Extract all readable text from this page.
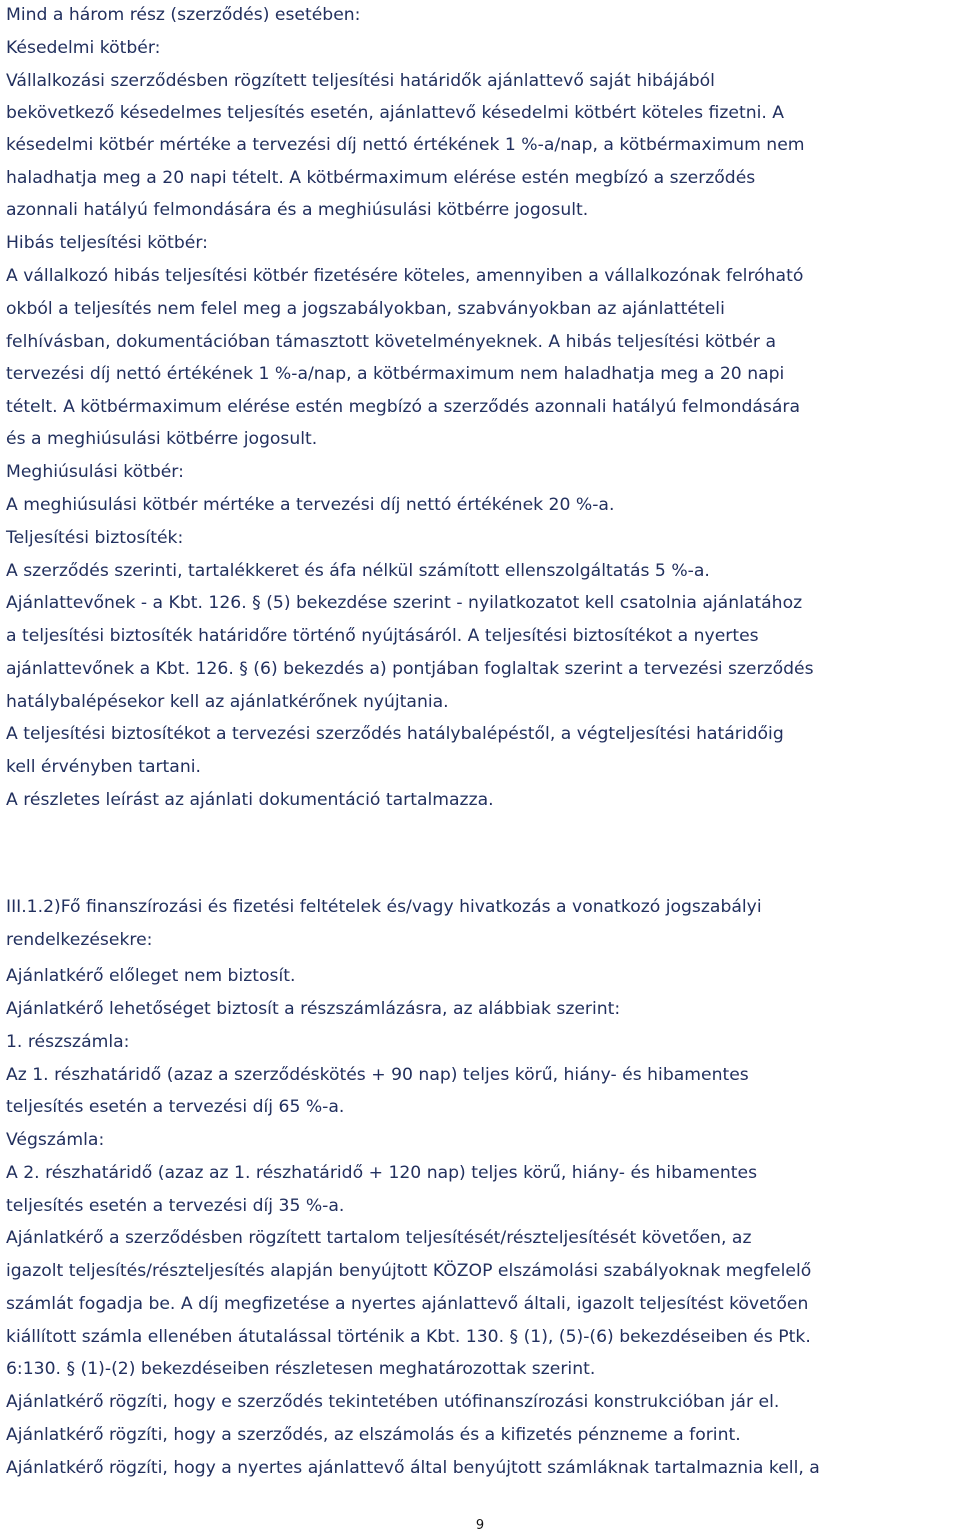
Mind a három rész (szerződés) esetében:
Késedelmi kötbér:
Vállalkozási szerződésben rögzített teljesítési határidők ajánlattevő saját hibájából
bekövetkező késedelmes teljesítés esetén, ajánlattevő késedelmi kötbért köteles fizetni. A
késedelmi kötbér mértéke a tervezési díj nettó értékének 1 %-a/nap, a kötbérmaximum nem
haladhatja meg a 20 napi tételt. A kötbérmaximum elérése estén megbízó a szerződés
azonnali hatályú felmondására és a meghiúsulási kötbérre jogosult.
Hibás teljesítési kötbér:
A vállalkozó hibás teljesítési kötbér fizetésére köteles, amennyiben a vállalkozónak felróható
okból a teljesítés nem felel meg a jogszabályokban, szabványokban az ajánlattételi
felhívásban, dokumentációban támasztott követelményeknek. A hibás teljesítési kötbér a
tervezési díj nettó értékének 1 %-a/nap, a kötbérmaximum nem haladhatja meg a 20 napi
tételt. A kötbérmaximum elérése estén megbízó a szerződés azonnali hatályú felmondására
és a meghiúsulási kötbérre jogosult.
Meghiúsulási kötbér:
A meghiúsulási kötbér mértéke a tervezési díj nettó értékének 20 %-a.
Teljesítési biztosíték:
A szerződés szerinti, tartalékkeret és áfa nélkül számított ellenszolgáltatás 5 %-a.
Ajánlattevőnek - a Kbt. 126. § (5) bekezdése szerint - nyilatkozatot kell csatolnia ajánlatához
a teljesítési biztosíték határidőre történő nyújtásáról. A teljesítési biztosítékot a nyertes
ajánlattevőnek a Kbt. 126. § (6) bekezdés a) pontjában foglaltak szerint a tervezési szerződés
hatálybalépésekor kell az ajánlatkérőnek nyújtania.
A teljesítési biztosítékot a tervezési szerződés hatálybalépéstől, a végteljesítési határidőig
kell érvényben tartani.
A részletes leírást az ajánlati dokumentáció tartalmazza.
III.1.2)Fő finanszírozási és fizetési feltételek és/vagy hivatkozás a vonatkozó jogszabályi
rendelkezésekre:
Ajánlatkérő előleget nem biztosít.
Ajánlatkérő lehetőséget biztosít a részszámlázásra, az alábbiak szerint:
1. részszámla:
Az 1. részhatáridő (azaz a szerződéskötés + 90 nap) teljes körű, hiány- és hibamentes
teljesítés esetén a tervezési díj 65 %-a.
Végszámla:
A 2. részhatáridő (azaz az 1. részhatáridő + 120 nap) teljes körű, hiány- és hibamentes
teljesítés esetén a tervezési díj 35 %-a.
Ajánlatkérő a szerződésben rögzített tartalom teljesítését/részteljesítését követően, az
igazolt teljesítés/részteljesítés alapján benyújtott KÖZOP elszámolási szabályoknak megfelelő
számlát fogadja be. A díj megfizetése a nyertes ajánlattevő általi, igazolt teljesítést követően
kiállított számla ellenében átutalással történik a Kbt. 130. § (1), (5)-(6) bekezdéseiben és Ptk.
6:130. § (1)-(2) bekezdéseiben részletesen meghatározottak szerint.
Ajánlatkérő rögzíti, hogy e szerződés tekintetében utófinanszírozási konstrukcióban jár el.
Ajánlatkérő rögzíti, hogy a szerződés, az elszámolás és a kifizetés pénzneme a forint.
Ajánlatkérő rögzíti, hogy a nyertes ajánlattevő által benyújtott számláknak tartalmaznia kell, a
9
